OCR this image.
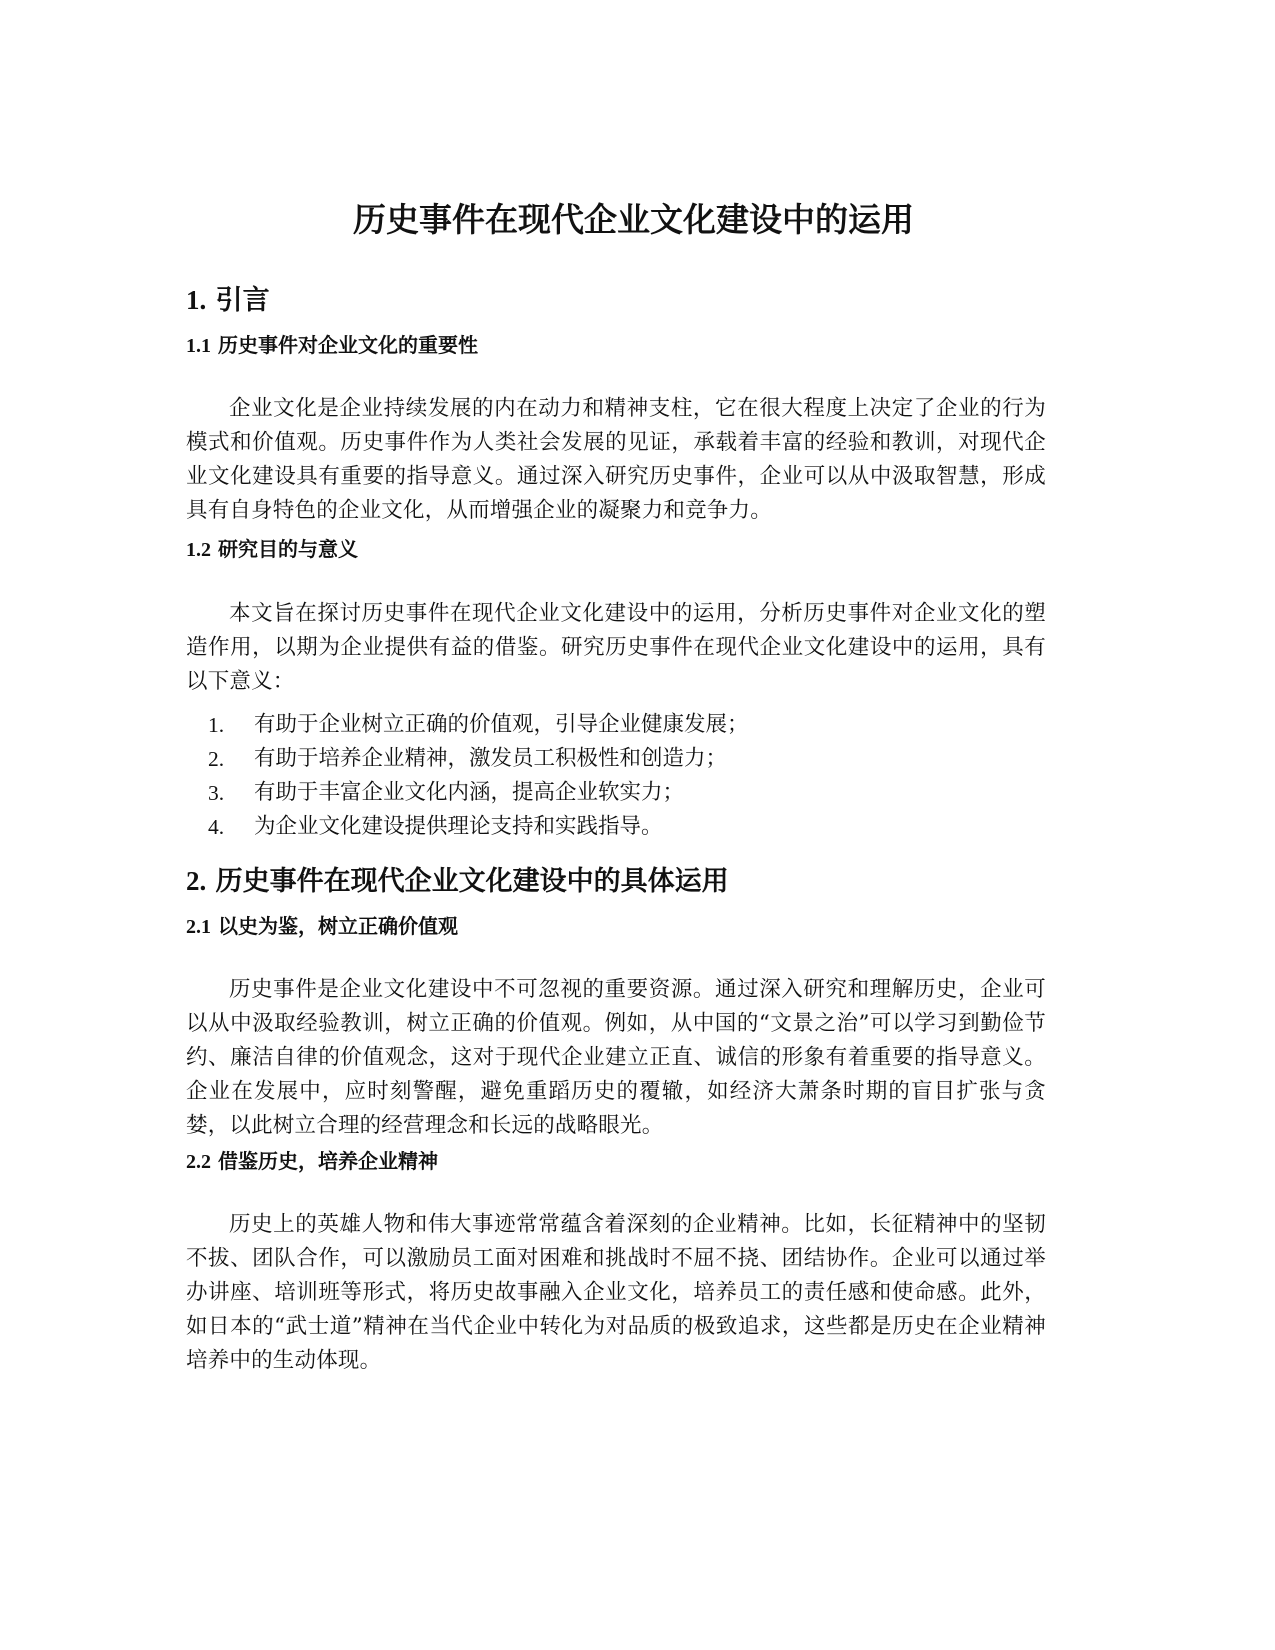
历史事件在现代企业文化建设中的运用
1. 引言
1.1 历史事件对企业文化的重要性

企业文化是企业持续发展的内在动力和精神支柱，它在很大程度上决定了企业的行为模式和价值观。历史事件作为人类社会发展的见证，承载着丰富的经验和教训，对现代企业文化建设具有重要的指导意义。通过深入研究历史事件，企业可以从中汲取智慧，形成具有自身特色的企业文化，从而增强企业的凝聚力和竞争力。

1.2 研究目的与意义

本文旨在探讨历史事件在现代企业文化建设中的运用，分析历史事件对企业文化的塑造作用，以期为企业提供有益的借鉴。研究历史事件在现代企业文化建设中的运用，具有以下意义：

1.	有助于企业树立正确的价值观，引导企业健康发展；
2.	有助于培养企业精神，激发员工积极性和创造力；
3.	有助于丰富企业文化内涵，提高企业软实力；
4.	为企业文化建设提供理论支持和实践指导。
2. 历史事件在现代企业文化建设中的具体运用
2.1 以史为鉴，树立正确价值观

历史事件是企业文化建设中不可忽视的重要资源。通过深入研究和理解历史，企业可以从中汲取经验教训，树立正确的价值观。例如，从中国的“文景之治”可以学习到勤俭节约、廉洁自律的价值观念，这对于现代企业建立正直、诚信的形象有着重要的指导意义。企业在发展中，应时刻警醒，避免重蹈历史的覆辙，如经济大萧条时期的盲目扩张与贪婪，以此树立合理的经营理念和长远的战略眼光。

2.2 借鉴历史，培养企业精神

历史上的英雄人物和伟大事迹常常蕴含着深刻的企业精神。比如，长征精神中的坚韧不拔、团队合作，可以激励员工面对困难和挑战时不屈不挠、团结协作。企业可以通过举办讲座、培训班等形式，将历史故事融入企业文化，培养员工的责任感和使命感。此外，如日本的“武士道”精神在当代企业中转化为对品质的极致追求，这些都是历史在企业精神培养中的生动体现。
